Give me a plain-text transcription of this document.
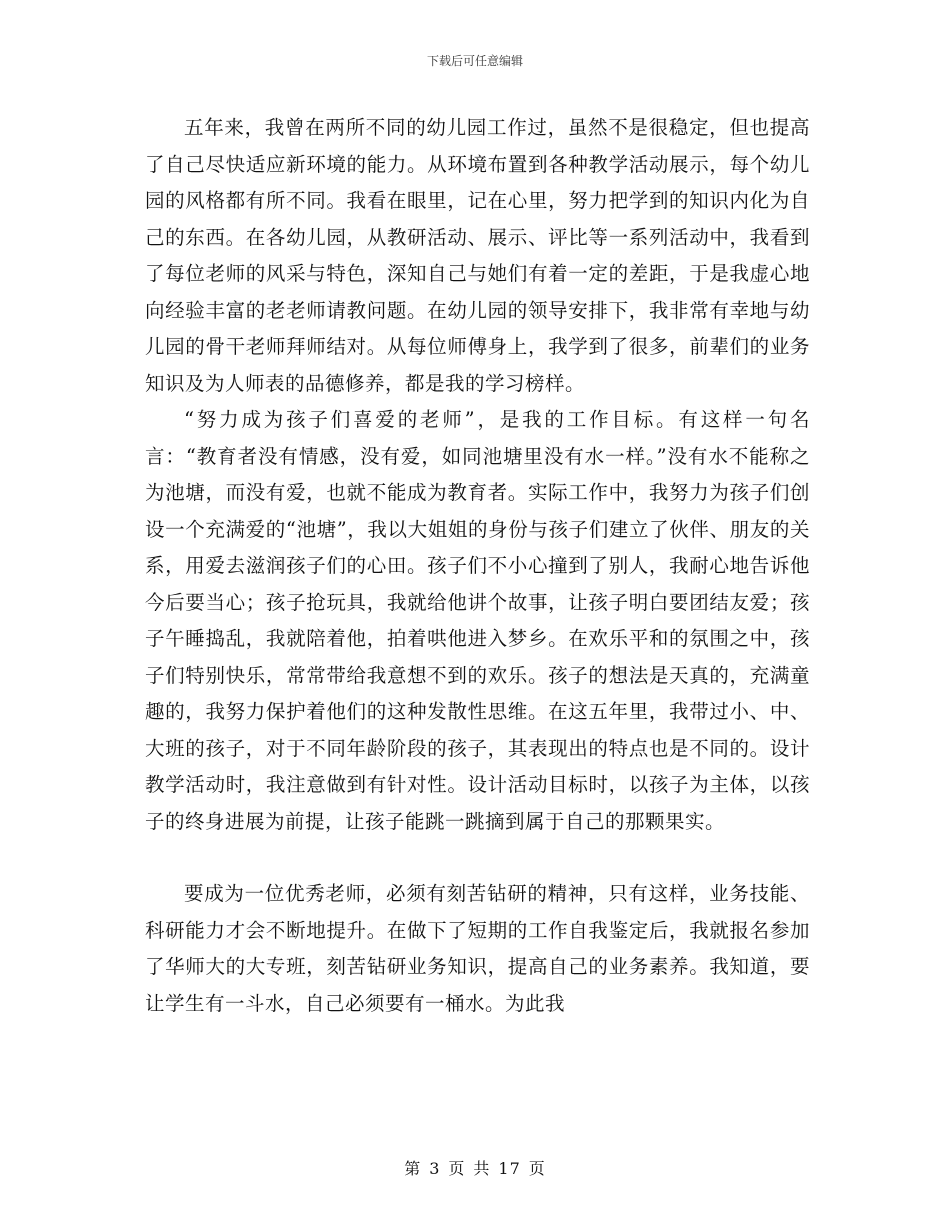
下载后可任意编辑

五年来，我曾在两所不同的幼儿园工作过，虽然不是很稳定，但也提高了自己尽快适应新环境的能力。从环境布置到各种教学活动展示，每个幼儿园的风格都有所不同。我看在眼里，记在心里，努力把学到的知识内化为自己的东西。在各幼儿园，从教研活动、展示、评比等一系列活动中，我看到了每位老师的风采与特色，深知自己与她们有着一定的差距，于是我虚心地向经验丰富的老老师请教问题。在幼儿园的领导安排下，我非常有幸地与幼儿园的骨干老师拜师结对。从每位师傅身上，我学到了很多，前辈们的业务知识及为人师表的品德修养，都是我的学习榜样。

“努力成为孩子们喜爱的老师”，是我的工作目标。有这样一句名言：“教育者没有情感，没有爱，如同池塘里没有水一样。”没有水不能称之为池塘，而没有爱，也就不能成为教育者。实际工作中，我努力为孩子们创设一个充满爱的“池塘”，我以大姐姐的身份与孩子们建立了伙伴、朋友的关系，用爱去滋润孩子们的心田。孩子们不小心撞到了别人，我耐心地告诉他今后要当心；孩子抢玩具，我就给他讲个故事，让孩子明白要团结友爱；孩子午睡捣乱，我就陪着他，拍着哄他进入梦乡。在欢乐平和的氛围之中，孩子们特别快乐，常常带给我意想不到的欢乐。孩子的想法是天真的，充满童趣的，我努力保护着他们的这种发散性思维。在这五年里，我带过小、中、大班的孩子，对于不同年龄阶段的孩子，其表现出的特点也是不同的。设计教学活动时，我注意做到有针对性。设计活动目标时，以孩子为主体，以孩子的终身进展为前提，让孩子能跳一跳摘到属于自己的那颗果实。

要成为一位优秀老师，必须有刻苦钻研的精神，只有这样，业务技能、科研能力才会不断地提升。在做下了短期的工作自我鉴定后，我就报名参加了华师大的大专班，刻苦钻研业务知识，提高自己的业务素养。我知道，要让学生有一斗水，自己必须要有一桶水。为此我

第 3 页 共 17 页
